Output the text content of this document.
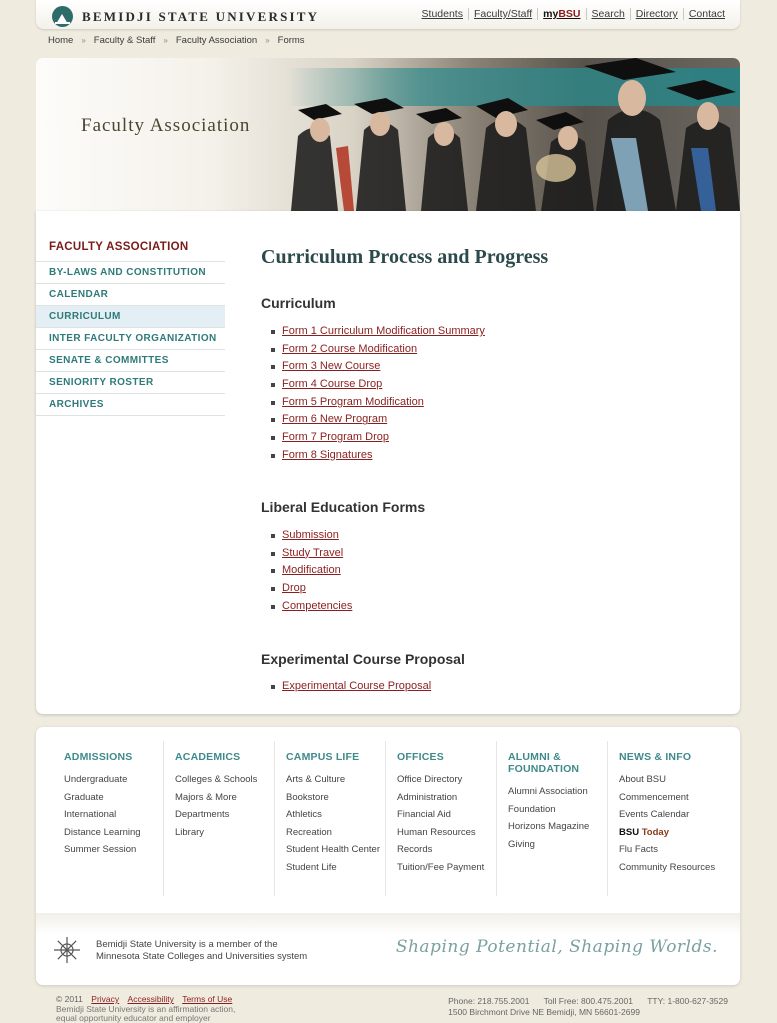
BEMIDJI STATE UNIVERSITY	Students	Faculty/Staff	myBSU	Search	Directory	Contact
Home » Faculty & Staff » Faculty Association » Forms
Faculty Association
FACULTY ASSOCIATION
BY-LAWS AND CONSTITUTION
CALENDAR
CURRICULUM
INTER FACULTY ORGANIZATION
SENATE & COMMITTES
SENIORITY ROSTER
ARCHIVES
Curriculum Process and Progress
Curriculum
Form 1 Curriculum Modification Summary
Form 2 Course Modification
Form 3 New Course
Form 4 Course Drop
Form 5 Program Modification
Form 6 New Program
Form 7 Program Drop
Form 8 Signatures
Liberal Education Forms
Submission
Study Travel
Modification
Drop
Competencies
Experimental Course Proposal
Experimental Course Proposal
ADMISSIONS
Undergraduate
Graduate
International
Distance Learning
Summer Session
ACADEMICS
Colleges & Schools
Majors & More
Departments
Library
CAMPUS LIFE
Arts & Culture
Bookstore
Athletics
Recreation
Student Health Center
Student Life
OFFICES
Office Directory
Administration
Financial Aid
Human Resources
Records
Tuition/Fee Payment
ALUMNI & FOUNDATION
Alumni Association
Foundation
Horizons Magazine
Giving
NEWS & INFO
About BSU
Commencement
Events Calendar
BSU Today
Flu Facts
Community Resources
Bemidji State University is a member of the
Minnesota State Colleges and Universities system	Shaping Potential, Shaping Worlds.
© 2011 Privacy Accessibility Terms of Use
Bemidji State University is an affirmation action,
equal opportunity educator and employer
Phone: 218.755.2001 Toll Free: 800.475.2001 TTY: 1-800-627-3529
1500 Birchmont Drive NE Bemidji, MN 56601-2699
